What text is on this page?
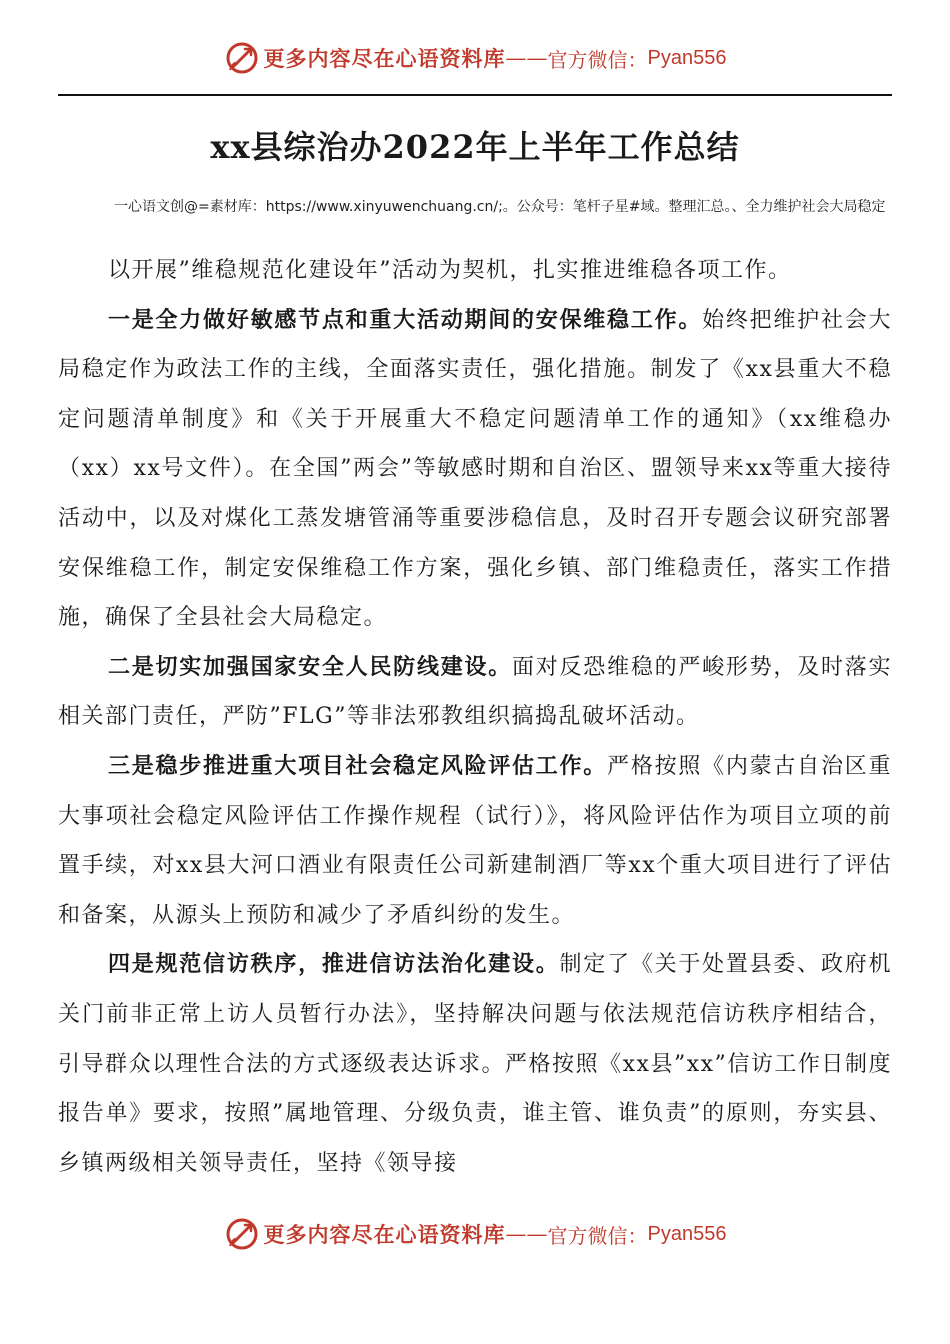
更多内容尽在心语资料库 —— 官方微信： Pyan556
xx县综治办2022年上半年工作总结
一心语文创@=素材库：https://www.xinyuwenchuang.cn/;。公众号：笔杆子星#域。整理汇总。、全力维护社会大局稳定

以开展”维稳规范化建设年”活动为契机，扎实推进维稳各项工作。

一是全力做好敏感节点和重大活动期间的安保维稳工作。始终把维护社会大局稳定作为政法工作的主线，全面落实责任，强化措施。制发了《xx县重大不稳定问题清单制度》和《关于开展重大不稳定问题清单工作的通知》（xx维稳办（xx）xx号文件）。在全国”两会”等敏感时期和自治区、盟领导来xx等重大接待活动中，以及对煤化工蒸发塘管涌等重要涉稳信息，及时召开专题会议研究部署安保维稳工作，制定安保维稳工作方案，强化乡镇、部门维稳责任，落实工作措施，确保了全县社会大局稳定。

二是切实加强国家安全人民防线建设。面对反恐维稳的严峻形势，及时落实相关部门责任，严防”FLG”等非法邪教组织搞捣乱破坏活动。

三是稳步推进重大项目社会稳定风险评估工作。严格按照《内蒙古自治区重大事项社会稳定风险评估工作操作规程（试行）》，将风险评估作为项目立项的前置手续，对xx县大河口酒业有限责任公司新建制酒厂等xx个重大项目进行了评估和备案，从源头上预防和减少了矛盾纠纷的发生。

四是规范信访秩序，推进信访法治化建设。制定了《关于处置县委、政府机关门前非正常上访人员暂行办法》，坚持解决问题与依法规范信访秩序相结合，引导群众以理性合法的方式逐级表达诉求。严格按照《xx县”xx”信访工作日制度报告单》要求，按照”属地管理、分级负责，谁主管、谁负责”的原则，夯实县、乡镇两级相关领导责任，坚持《领导接

更多内容尽在心语资料库 —— 官方微信： Pyan556
